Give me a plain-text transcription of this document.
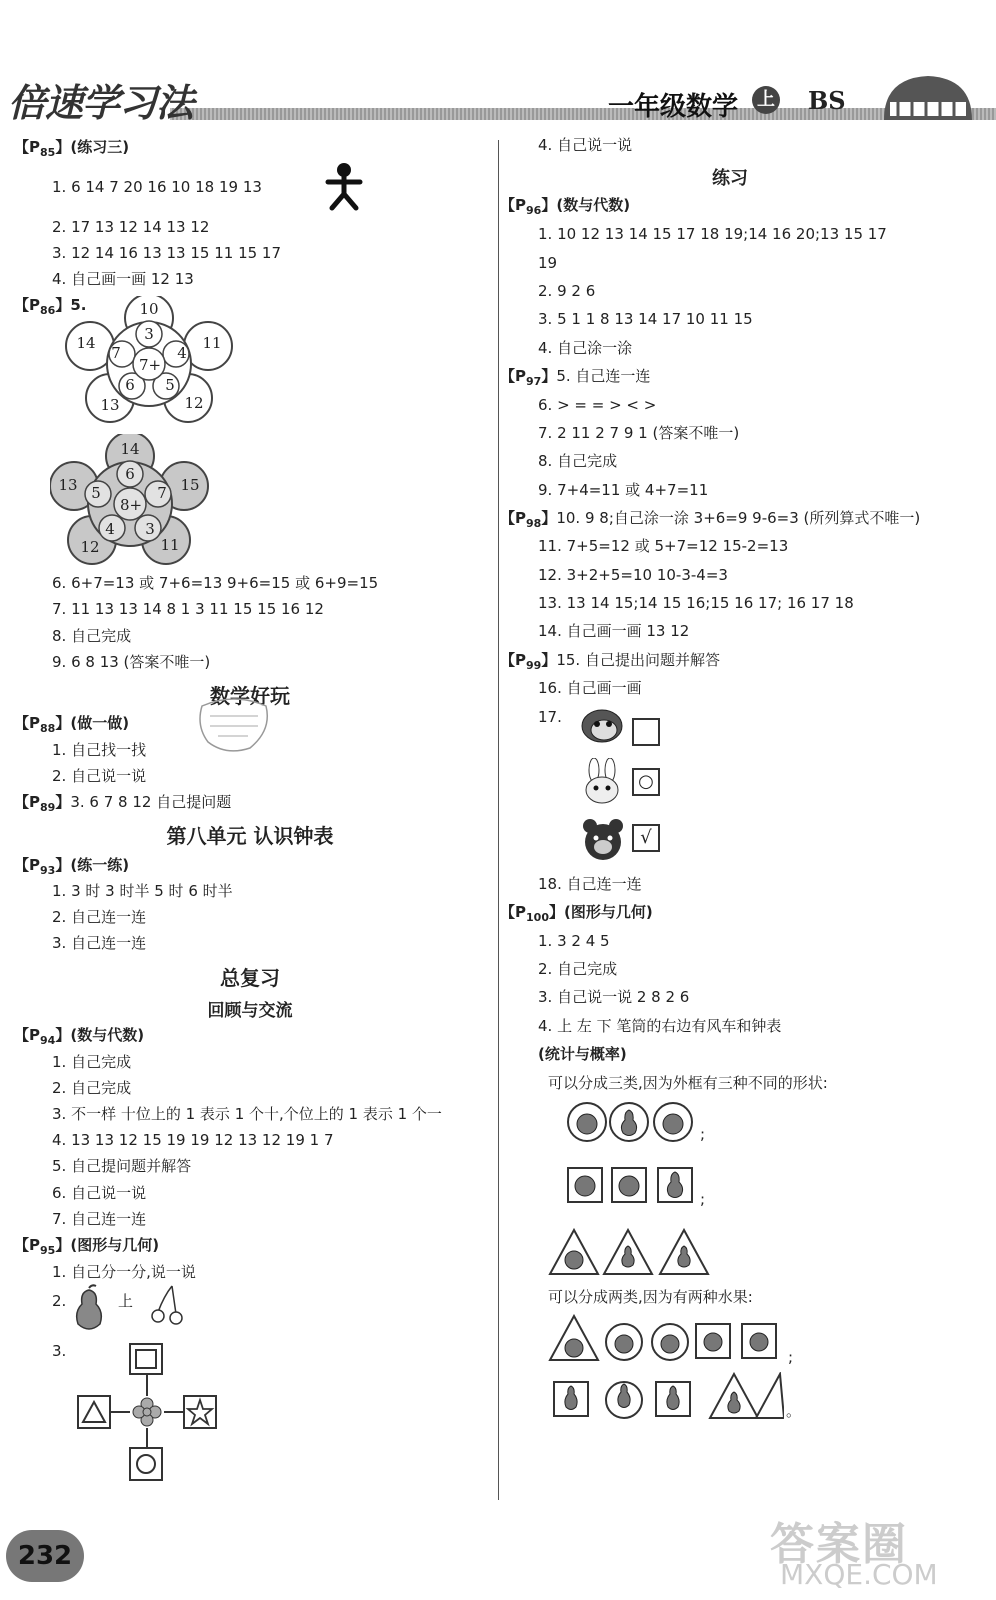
倍速学习法	一年级数学 上 BS
【$P_{85}$】(练习三)
1. 6 14 7 20 16 10 18 19 13
2. 17 13 12 14 13 12
3. 12 14 16 13 13 15 11 15 17
4. 自己画一画 12 13
【$P_{86}$】5.	10
11
12
13
14	3
4
5
6
7
7+
14
15
11
12
13
6
7
3
4
5
8+
6. 6+7=13 或 7+6=13 9+6=15 或 6+9=15
7. 11 13 13 14 8 1 3 11 15 15 16 12
8. 自己完成
9. 6 8 13 (答案不唯一)
数学好玩
【$P_{88}$】(做一做)
1. 自己找一找
2. 自己说一说
【$P_{89}$】3. 6 7 8 12 自己提问题
第八单元 认识钟表
【$P_{93}$】(练一练)
1. 3 时 3 时半 5 时 6 时半
2. 自己连一连
3. 自己连一连
总复习
回顾与交流
【$P_{94}$】(数与代数)
1. 自己完成
2. 自己完成
3. 不一样 十位上的 1 表示 1 个十,个位上的 1 表示 1 个一
4. 13 13 12 15 19 19 12 13 12 19 1 7
5. 自己提问题并解答
6. 自己说一说
7. 自己连一连
【$P_{95}$】(图形与几何)
1. 自己分一分,说一说
2.	上
3.
4. 自己说一说
练习
【$P_{96}$】(数与代数)
1. 10 12 13 14 15 17 18 19;14 16 20;13 15 17
19
2. 9 2 6
3. 5 1 1 8 13 14 17 10 11 15
4. 自己涂一涂
【$P_{97}$】5. 自己连一连
6. > = = > < >
7. 2 11 2 7 9 1 (答案不唯一)
8. 自己完成
9. 7+4=11 或 4+7=11
【$P_{98}$】10. 9 8;自己涂一涂 3+6=9 9-6=3 (所列算式不唯一)
11. 7+5=12 或 5+7=12 15-2=13
12. 3+2+5=10 10-3-4=3
13. 13 14 15;14 15 16;15 16 17; 16 17 18
14. 自己画一画 13 12
【$P_{99}$】15. 自己提出问题并解答
16. 自己画一画
17.
○
√
18. 自己连一连
【$P_{100}$】(图形与几何)
1. 3 2 4 5
2. 自己完成
3. 自己说一说 2 8 2 6
4. 上 左 下 笔筒的右边有风车和钟表
(统计与概率)
可以分成三类,因为外框有三种不同的形状:
;
;
可以分成两类,因为有两种水果:
;
。
232	答案圈
MXQE.COM
